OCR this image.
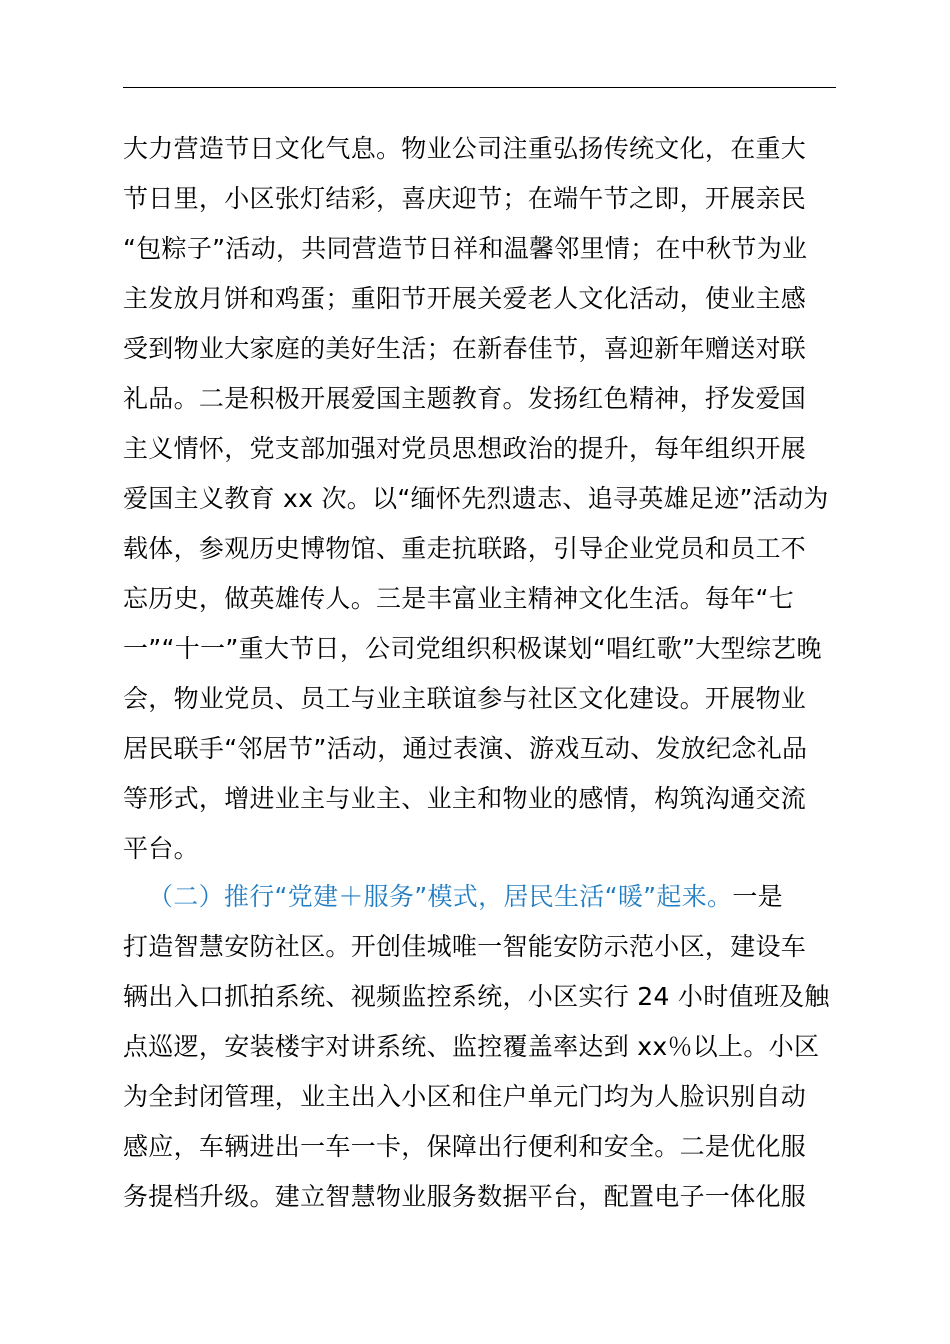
大力营造节日文化气息。物业公司注重弘扬传统文化，在重大
节日里，小区张灯结彩，喜庆迎节；在端午节之即，开展亲民
“包粽子”活动，共同营造节日祥和温馨邻里情；在中秋节为业
主发放月饼和鸡蛋；重阳节开展关爱老人文化活动，使业主感
受到物业大家庭的美好生活；在新春佳节，喜迎新年赠送对联
礼品。二是积极开展爱国主题教育。发扬红色精神，抒发爱国
主义情怀，党支部加强对党员思想政治的提升，每年组织开展
爱国主义教育 xx 次。以“缅怀先烈遗志、追寻英雄足迹”活动为
载体，参观历史博物馆、重走抗联路，引导企业党员和员工不
忘历史，做英雄传人。三是丰富业主精神文化生活。每年“七
一”“十一”重大节日，公司党组织积极谋划“唱红歌”大型综艺晚
会，物业党员、员工与业主联谊参与社区文化建设。开展物业
居民联手“邻居节”活动，通过表演、游戏互动、发放纪念礼品
等形式，增进业主与业主、业主和物业的感情，构筑沟通交流
平台。
（二）推行“党建＋服务”模式，居民生活“暖”起来。一是
打造智慧安防社区。开创佳城唯一智能安防示范小区，建设车
辆出入口抓拍系统、视频监控系统，小区实行 24 小时值班及触
点巡逻，安装楼宇对讲系统、监控覆盖率达到 xx％以上。小区
为全封闭管理，业主出入小区和住户单元门均为人脸识别自动
感应，车辆进出一车一卡，保障出行便利和安全。二是优化服
务提档升级。建立智慧物业服务数据平台，配置电子一体化服
